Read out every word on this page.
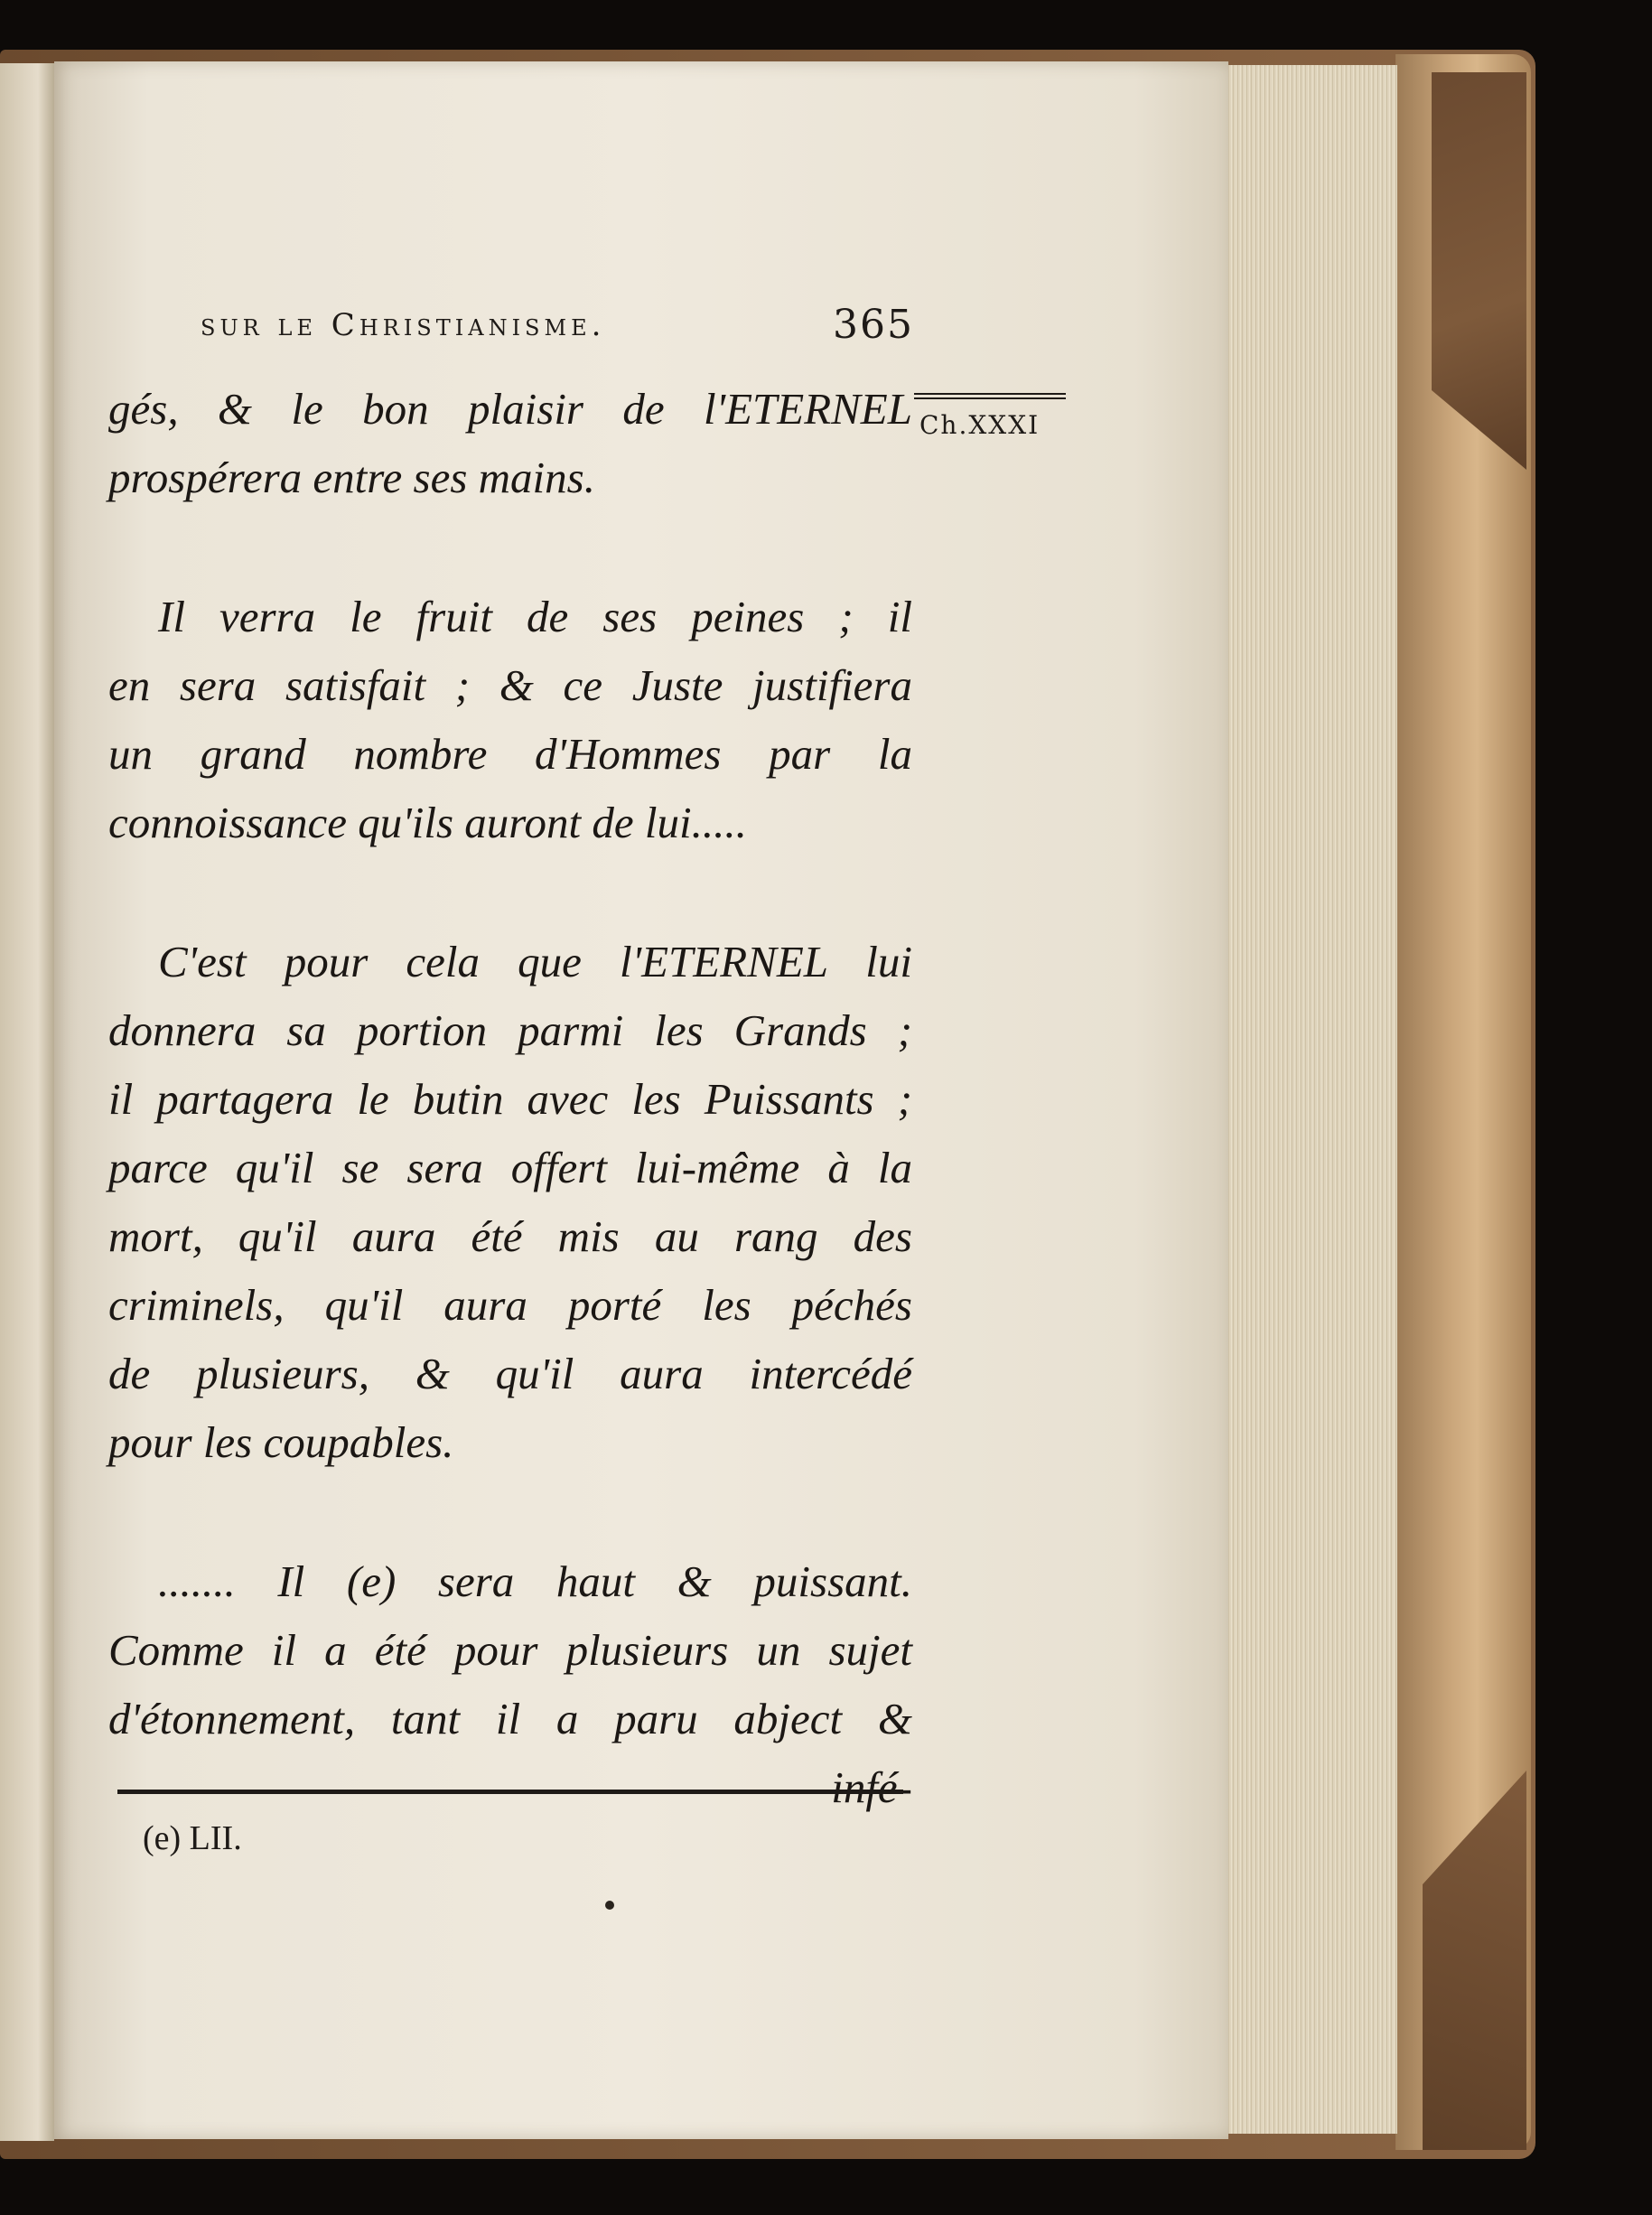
sur le Christianisme.	365
Ch.XXXI
gés, & le bon plaisir de l'ETERNEL
prospérera entre ses mains.
Il verra le fruit de ses peines ; il
en sera satisfait ; & ce Juste justifiera
un grand nombre d'Hommes par la
connoissance qu'ils auront de lui.....
C'est pour cela que l'ETERNEL lui
donnera sa portion parmi les Grands ;
il partagera le butin avec les Puissants ;
parce qu'il se sera offert lui-même à la
mort, qu'il aura été mis au rang des
criminels, qu'il aura porté les péchés
de plusieurs, & qu'il aura intercédé
pour les coupables.
....... Il (e) sera haut & puissant.
Comme il a été pour plusieurs un sujet
d'étonnement, tant il a paru abject &
infé-
(e) LII.
